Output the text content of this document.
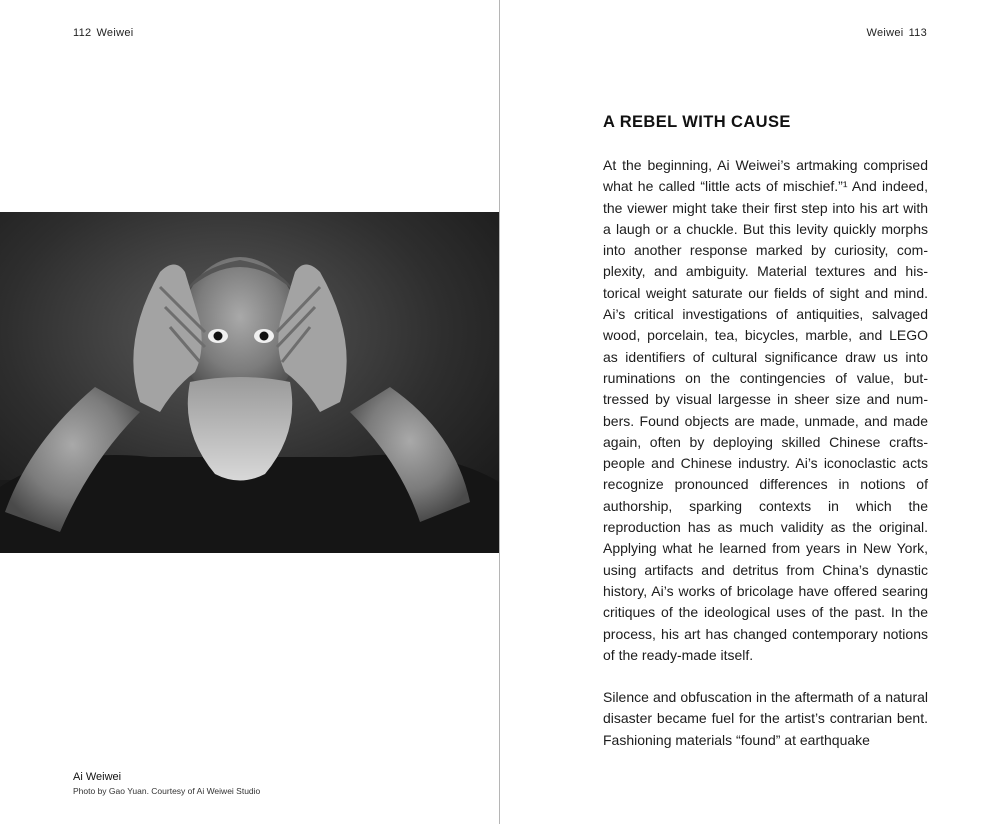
112 Weiwei
Ai Weiwei
Photo by Gao Yuan. Courtesy of Ai Weiwei Studio
Weiwei 113
A REBEL WITH CAUSE

At the beginning, Ai Weiwei’s artmaking comprised what he called “little acts of mischief.”¹ And indeed, the viewer might take their first step into his art with a laugh or a chuckle. But this levity quickly morphs into another response marked by curiosity, complexity, and ambiguity. Material textures and historical weight saturate our fields of sight and mind. Ai’s critical investigations of antiquities, salvaged wood, porcelain, tea, bicycles, marble, and LEGO as identifiers of cultural significance draw us into ruminations on the contingencies of value, buttressed by visual largesse in sheer size and numbers. Found objects are made, unmade, and made again, often by deploying skilled Chinese craftspeople and Chinese industry. Ai’s iconoclastic acts recognize pronounced differences in notions of authorship, sparking contexts in which the reproduction has as much validity as the original. Applying what he learned from years in New York, using artifacts and detritus from China’s dynastic history, Ai’s works of bricolage have offered searing critiques of the ideological uses of the past. In the process, his art has changed contemporary notions of the ready-made itself.

Silence and obfuscation in the aftermath of a natural disaster became fuel for the artist’s contrarian bent. Fashioning materials “found” at earthquake
